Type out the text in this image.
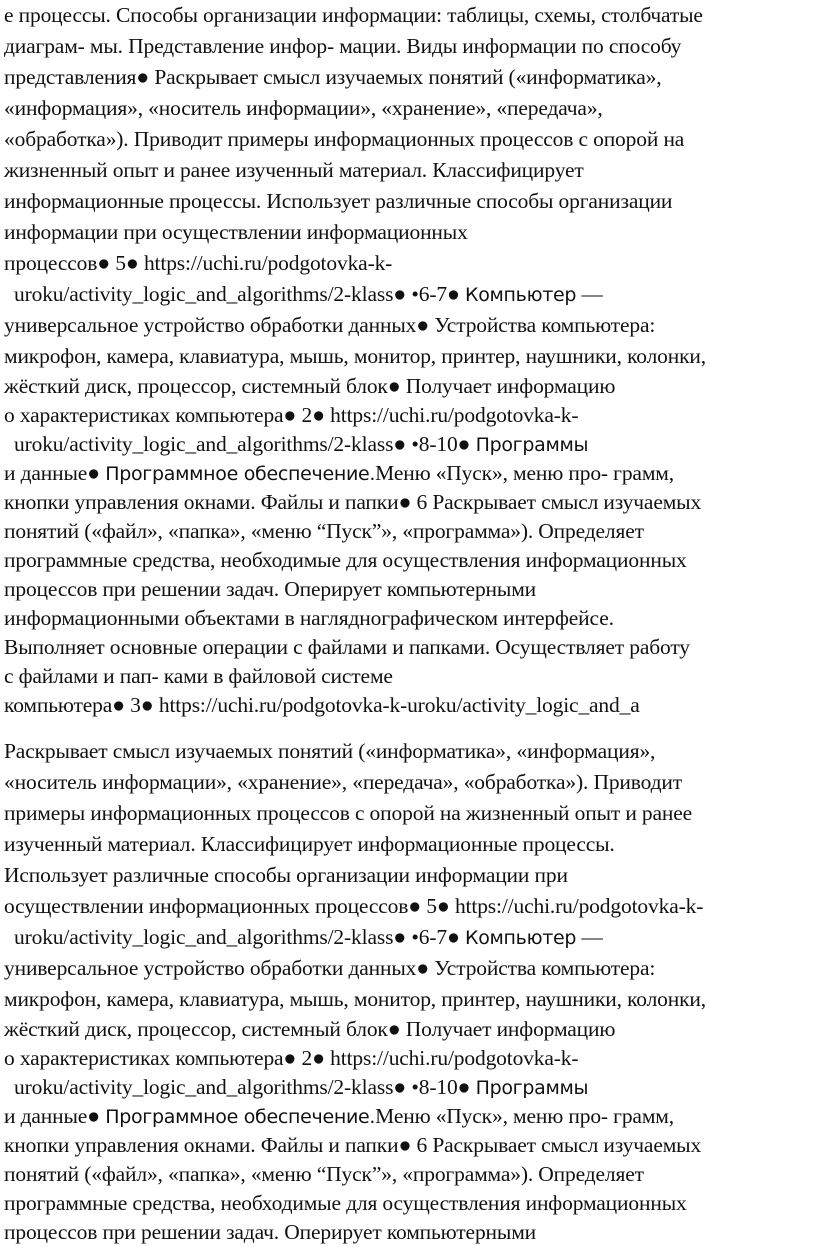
е процессы. Способы организации информации: таблицы, схемы, столбчатые
диаграм- мы. Представление инфор- мации. Виды информации по способу
представления● Раскрывает смысл изучаемых понятий («информатика»,
«информация», «носитель информации», «хранение», «передача»,
«обработка»). Приводит примеры информационных процессов с опорой на
жизненный опыт и ранее изученный материал. Классифицирует
информационные процессы. Использует различные способы организации
информации при осуществлении информационных
процессов● 5● https://uchi.ru/podgotovka-k-
uroku/activity_logic_and_algorithms/2-klass● •6-7● Компьютер —
универсальное устройство обработки данных● Устройства компьютера:
микрофон, камера, клавиатура, мышь, монитор, принтер, наушники, колонки,
жёсткий диск, процессор, системный блок● Получает информацию
о характеристиках компьютера● 2● https://uchi.ru/podgotovka-k-
uroku/activity_logic_and_algorithms/2-klass● •8-10● Программы
и данные● Программное обеспечение.Меню «Пуск», меню про- грамм,
кнопки управления окнами. Файлы и папки● 6 Раскрывает смысл изучаемых
понятий («файл», «папка», «меню “Пуск”», «программа»). Определяет
программные средства, необходимые для осуществления информационных
процессов при решении задач. Оперирует компьютерными
информационными объектами в нагляднографическом интерфейсе.
Выполняет основные операции с файлами и папками. Осуществляет работу
с файлами и пап- ками в файловой системе
компьютера● 3● https://uchi.ru/podgotovka-k-uroku/activity_logic_and_a
Раскрывает смысл изучаемых понятий («информатика», «информация»,
«носитель информации», «хранение», «передача», «обработка»). Приводит
примеры информационных процессов с опорой на жизненный опыт и ранее
изученный материал. Классифицирует информационные процессы.
Использует различные способы организации информации при
осуществлении информационных процессов● 5● https://uchi.ru/podgotovka-k-
uroku/activity_logic_and_algorithms/2-klass● •6-7● Компьютер —
универсальное устройство обработки данных● Устройства компьютера:
микрофон, камера, клавиатура, мышь, монитор, принтер, наушники, колонки,
жёсткий диск, процессор, системный блок● Получает информацию
о характеристиках компьютера● 2● https://uchi.ru/podgotovka-k-
uroku/activity_logic_and_algorithms/2-klass● •8-10● Программы
и данные● Программное обеспечение.Меню «Пуск», меню про- грамм,
кнопки управления окнами. Файлы и папки● 6 Раскрывает смысл изучаемых
понятий («файл», «папка», «меню “Пуск”», «программа»). Определяет
программные средства, необходимые для осуществления информационных
процессов при решении задач. Оперирует компьютерными
